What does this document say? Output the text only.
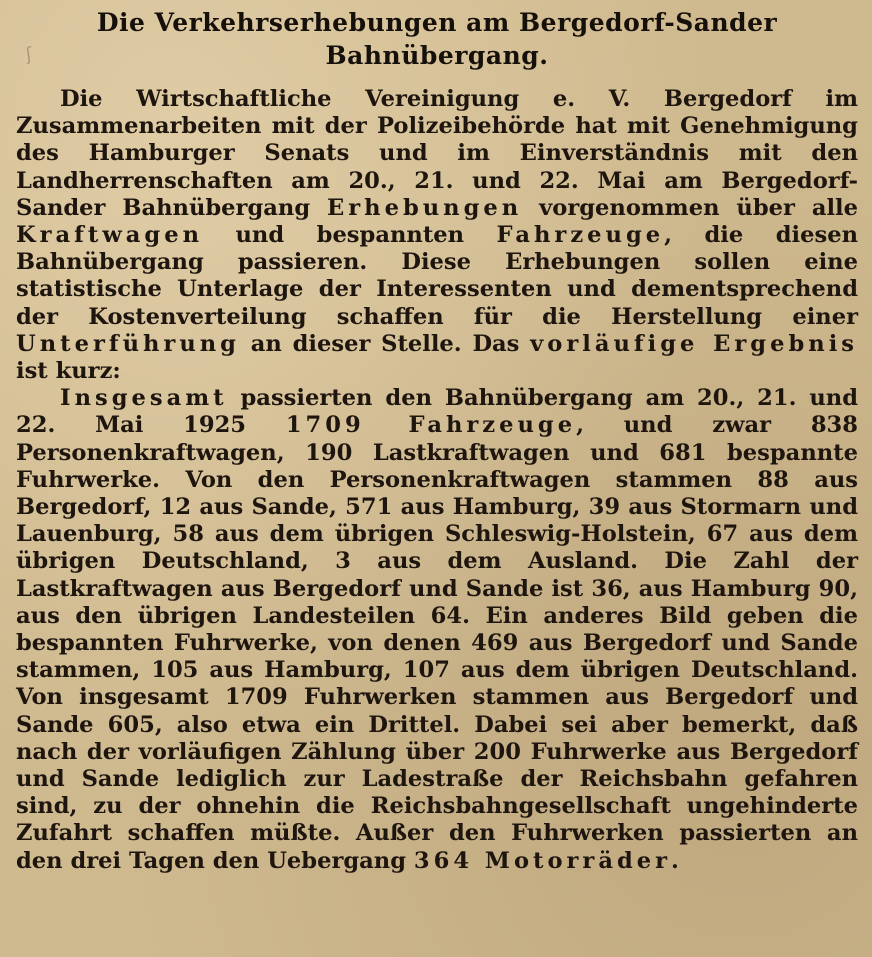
ʃ
Die Verkehrserhebungen am Bergedorf-Sander Bahnübergang.

Die Wirtschaftliche Vereinigung e. V. Bergedorf im Zusammenarbeiten mit der Polizeibehörde hat mit Genehmigung des Hamburger Senats und im Einverständnis mit den Landherrenschaften am 20., 21. und 22. Mai am Bergedorf-Sander Bahnübergang Erhebungen vorgenommen über alle Kraftwagen und bespannten Fahrzeuge, die diesen Bahnübergang passieren. Diese Erhebungen sollen eine statistische Unterlage der Interessenten und dementsprechend der Kostenverteilung schaffen für die Herstellung einer Unterführung an dieser Stelle. Das vorläufige Ergebnis ist kurz:

Insgesamt passierten den Bahnübergang am 20., 21. und 22. Mai 1925 1709 Fahrzeuge, und zwar 838 Personenkraftwagen, 190 Lastkraftwagen und 681 bespannte Fuhrwerke. Von den Personenkraftwagen stammen 88 aus Bergedorf, 12 aus Sande, 571 aus Hamburg, 39 aus Stormarn und Lauenburg, 58 aus dem übrigen Schleswig-Holstein, 67 aus dem übrigen Deutschland, 3 aus dem Ausland. Die Zahl der Lastkraftwagen aus Bergedorf und Sande ist 36, aus Hamburg 90, aus den übrigen Landesteilen 64. Ein anderes Bild geben die bespannten Fuhrwerke, von denen 469 aus Bergedorf und Sande stammen, 105 aus Hamburg, 107 aus dem übrigen Deutschland. Von insgesamt 1709 Fuhrwerken stammen aus Bergedorf und Sande 605, also etwa ein Drittel. Dabei sei aber bemerkt, daß nach der vorläufigen Zählung über 200 Fuhrwerke aus Bergedorf und Sande lediglich zur Ladestraße der Reichsbahn gefahren sind, zu der ohnehin die Reichsbahngesellschaft ungehinderte Zufahrt schaffen müßte. Außer den Fuhrwerken passierten an den drei Tagen den Uebergang 364 Motorräder.
